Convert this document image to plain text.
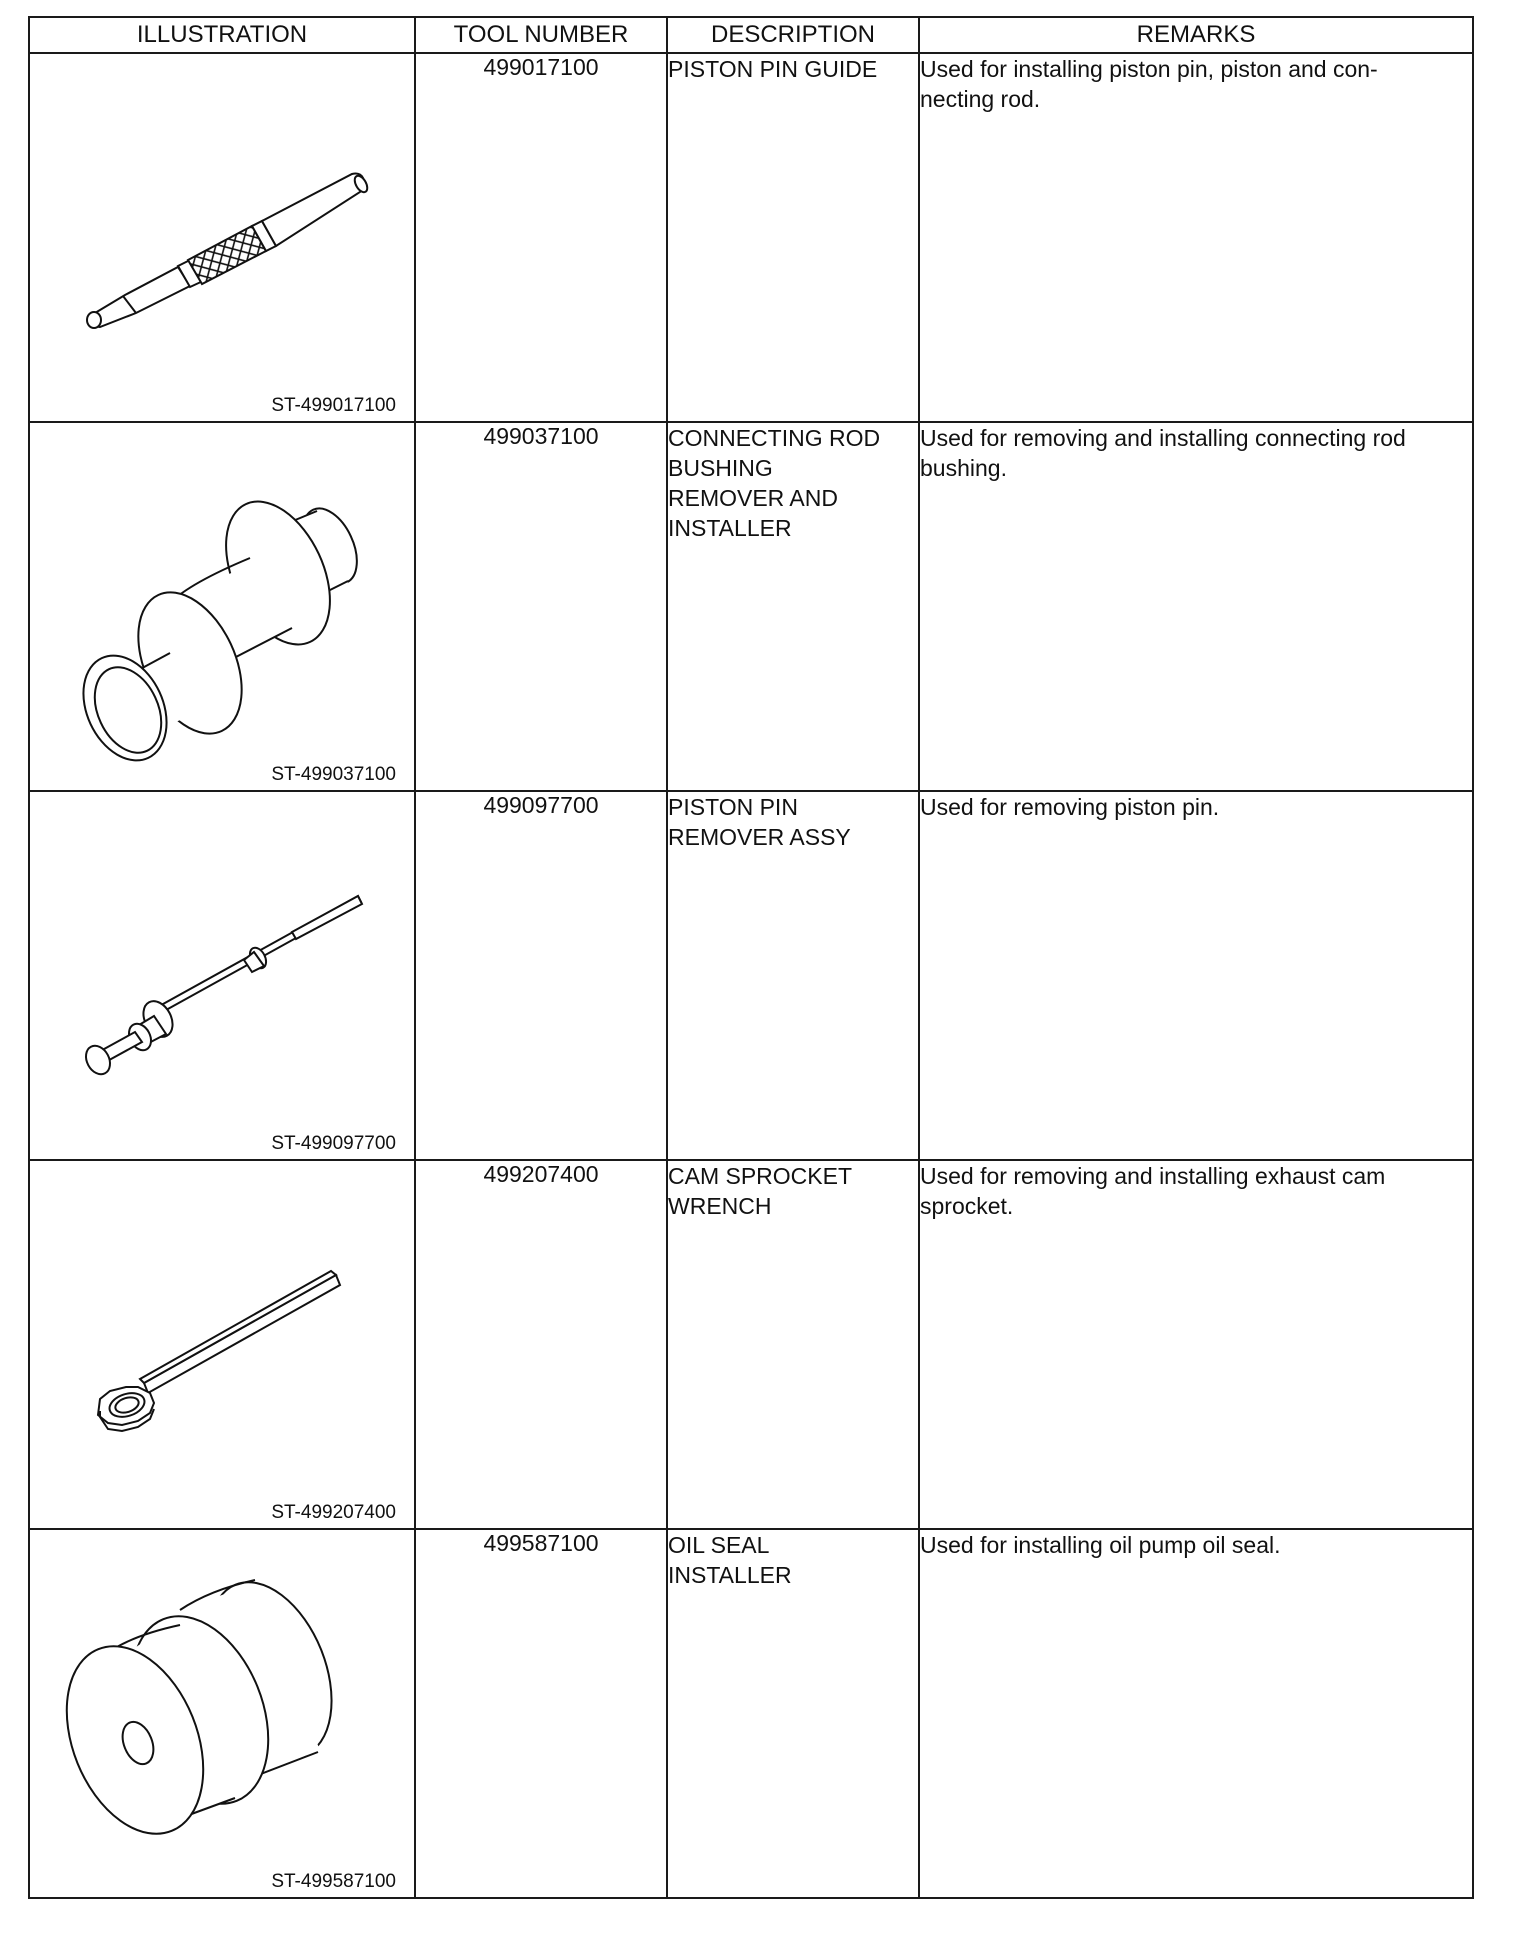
ILLUSTRATION	TOOL NUMBER	DESCRIPTION	REMARKS

ST-499017100	499017100	PISTON PIN GUIDE	Used for installing piston pin, piston and con-
necting rod.

ST-499037100	499037100	CONNECTING ROD
BUSHING
REMOVER AND
INSTALLER	Used for removing and installing connecting rod bushing.

ST-499097700	499097700	PISTON PIN
REMOVER ASSY	Used for removing piston pin.

ST-499207400	499207400	CAM SPROCKET
WRENCH	Used for removing and installing exhaust cam sprocket.

ST-499587100	499587100	OIL SEAL
INSTALLER	Used for installing oil pump oil seal.
